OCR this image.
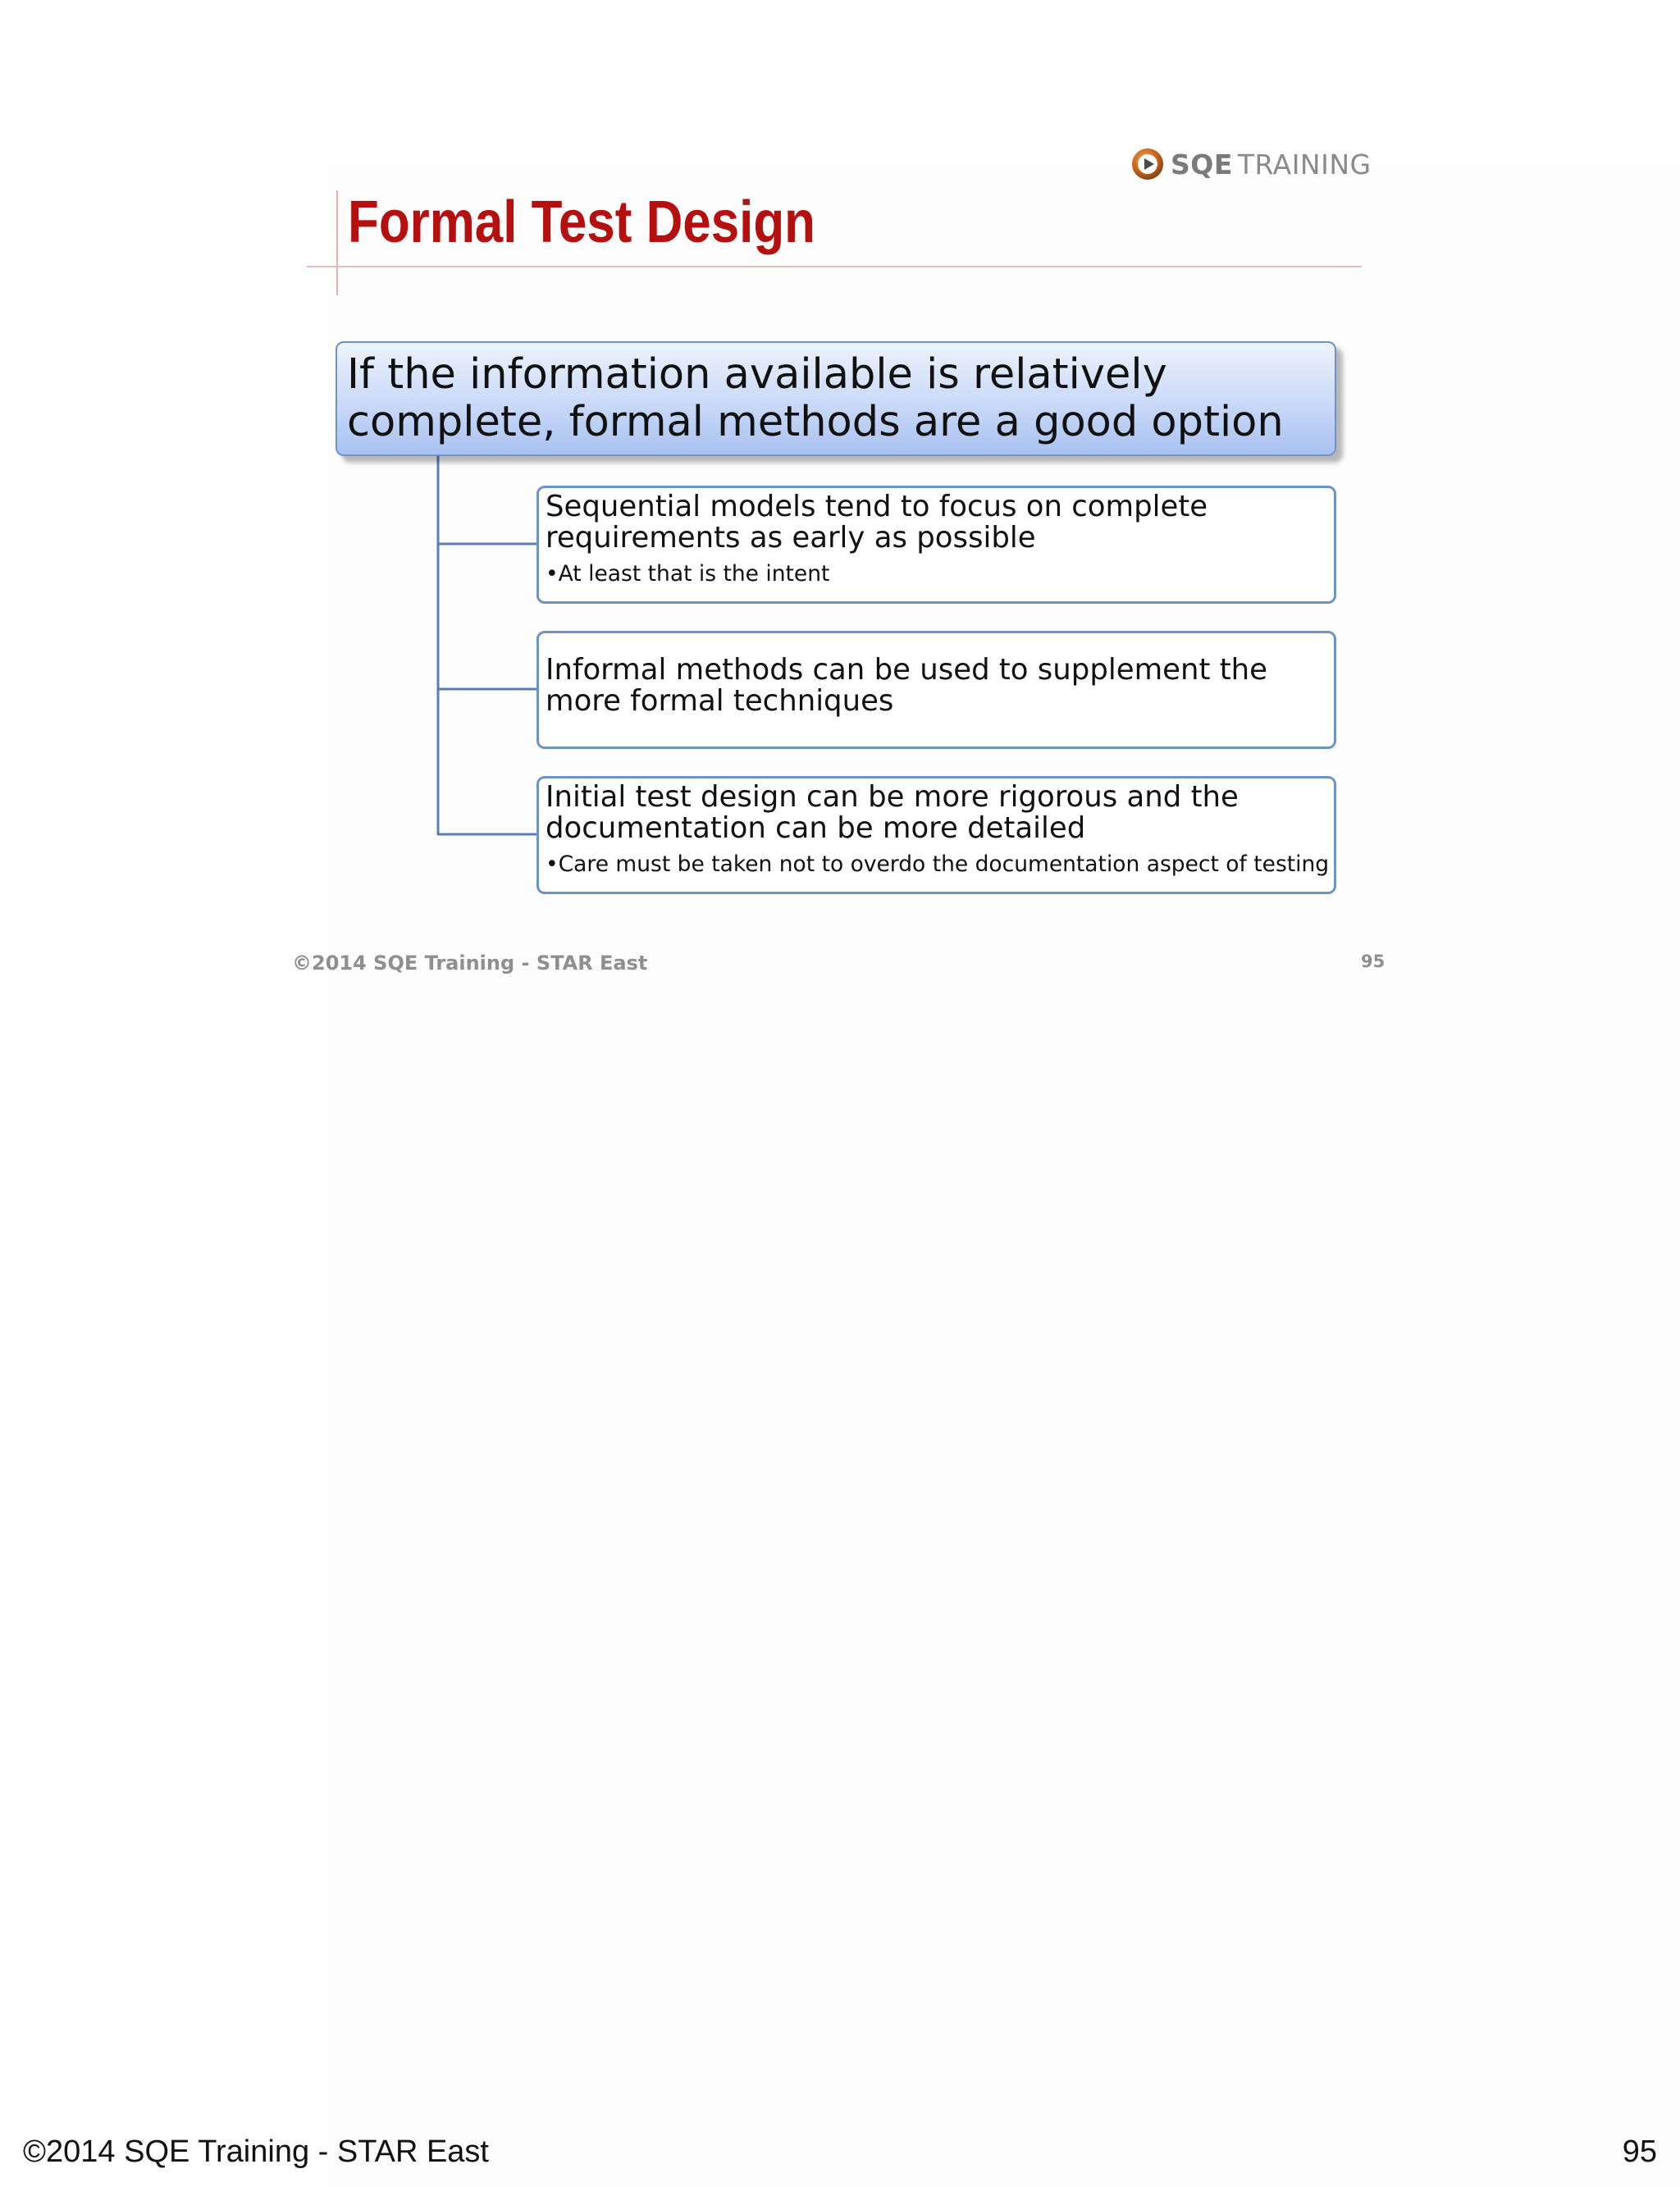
SQE TRAINING
Formal Test Design
If the information available is relatively
complete, formal methods are a good option
Sequential models tend to focus on complete requirements as early as possible
•At least that is the intent
Informal methods can be used to supplement the more formal techniques
Initial test design can be more rigorous and the documentation can be more detailed
•Care must be taken not to overdo the documentation aspect of testing
©2014 SQE Training - STAR East	95
©2014 SQE Training - STAR East	95
